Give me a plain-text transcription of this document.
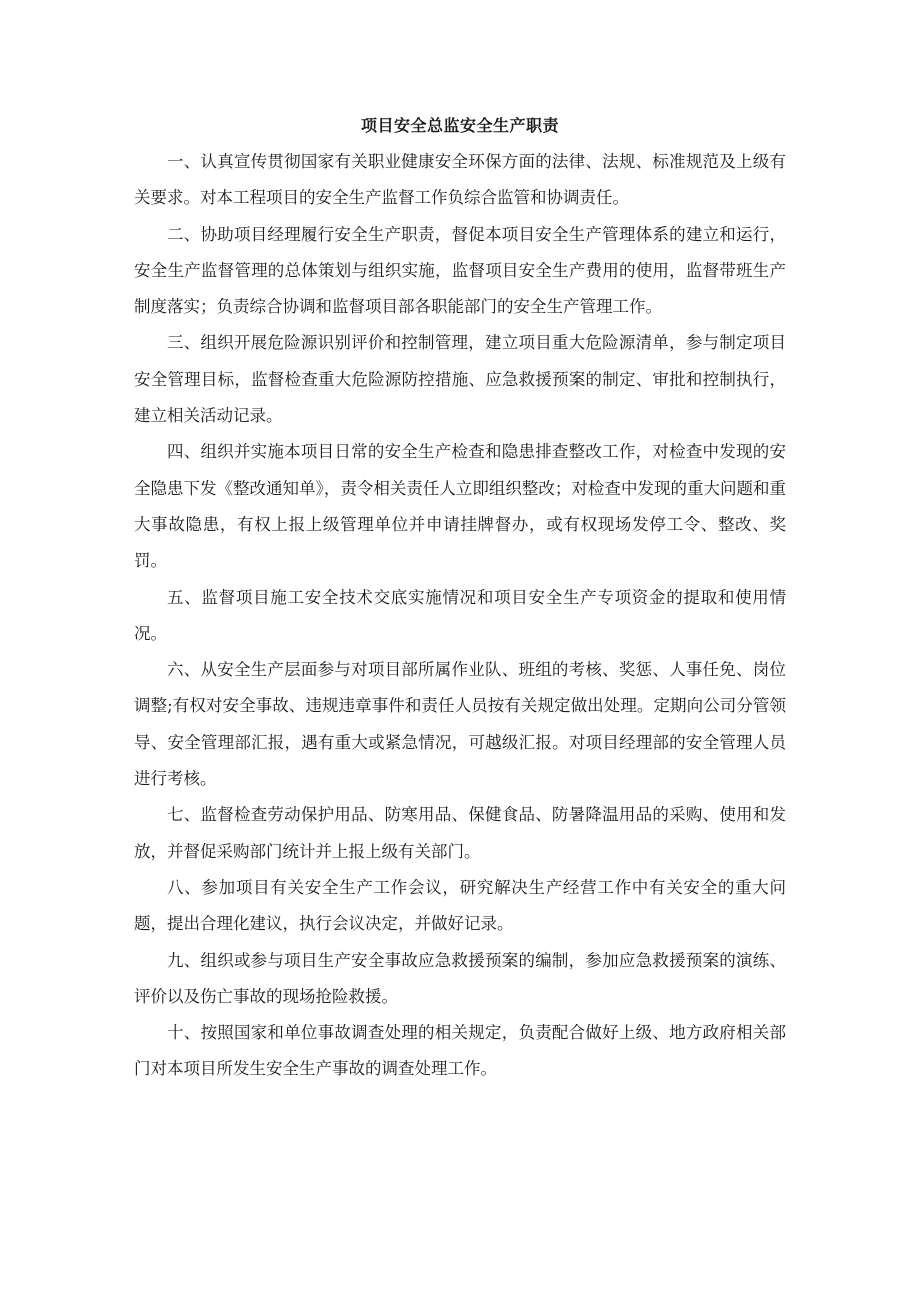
项目安全总监安全生产职责

一、认真宣传贯彻国家有关职业健康安全环保方面的法律、法规、标准规范及上级有关要求。对本工程项目的安全生产监督工作负综合监管和协调责任。

二、协助项目经理履行安全生产职责，督促本项目安全生产管理体系的建立和运行，安全生产监督管理的总体策划与组织实施，监督项目安全生产费用的使用，监督带班生产制度落实；负责综合协调和监督项目部各职能部门的安全生产管理工作。

三、组织开展危险源识别评价和控制管理，建立项目重大危险源清单，参与制定项目安全管理目标，监督检查重大危险源防控措施、应急救援预案的制定、审批和控制执行，建立相关活动记录。

四、组织并实施本项目日常的安全生产检查和隐患排查整改工作，对检查中发现的安全隐患下发《整改通知单》，责令相关责任人立即组织整改；对检查中发现的重大问题和重大事故隐患，有权上报上级管理单位并申请挂牌督办，或有权现场发停工令、整改、奖罚。

五、监督项目施工安全技术交底实施情况和项目安全生产专项资金的提取和使用情况。

六、从安全生产层面参与对项目部所属作业队、班组的考核、奖惩、人事任免、岗位调整;有权对安全事故、违规违章事件和责任人员按有关规定做出处理。定期向公司分管领导、安全管理部汇报，遇有重大或紧急情况，可越级汇报。对项目经理部的安全管理人员进行考核。

七、监督检查劳动保护用品、防寒用品、保健食品、防暑降温用品的采购、使用和发放，并督促采购部门统计并上报上级有关部门。

八、参加项目有关安全生产工作会议，研究解决生产经营工作中有关安全的重大问题，提出合理化建议，执行会议决定，并做好记录。

九、组织或参与项目生产安全事故应急救援预案的编制，参加应急救援预案的演练、评价以及伤亡事故的现场抢险救援。

十、按照国家和单位事故调查处理的相关规定，负责配合做好上级、地方政府相关部门对本项目所发生安全生产事故的调查处理工作。
